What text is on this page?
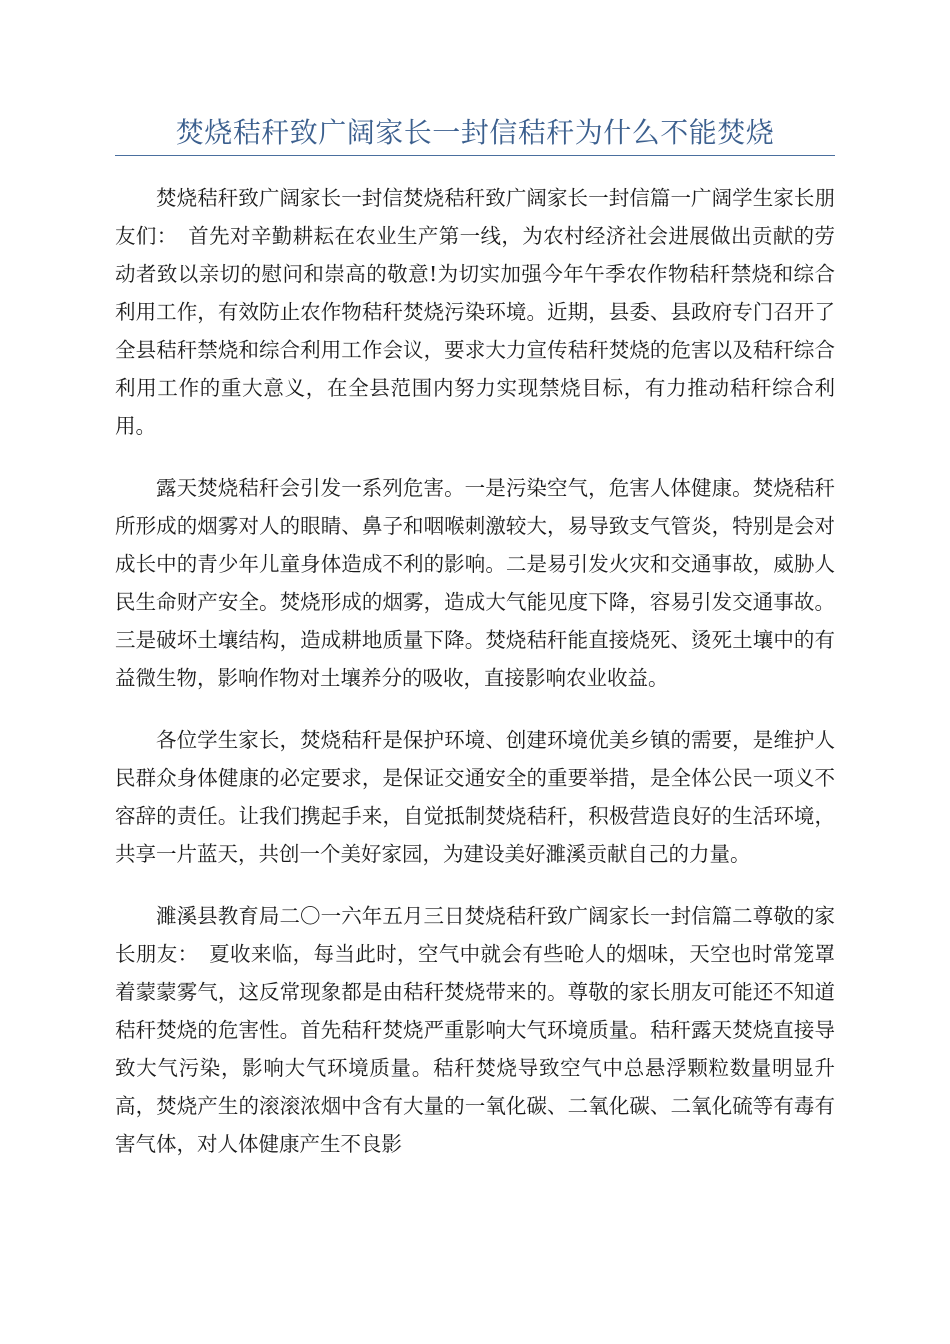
焚烧秸秆致广阔家长一封信秸秆为什么不能焚烧

焚烧秸秆致广阔家长一封信焚烧秸秆致广阔家长一封信篇一广阔学生家长朋友们：　首先对辛勤耕耘在农业生产第一线，为农村经济社会进展做出贡献的劳动者致以亲切的慰问和崇高的敬意!为切实加强今年午季农作物秸秆禁烧和综合利用工作，有效防止农作物秸秆焚烧污染环境。近期，县委、县政府专门召开了全县秸秆禁烧和综合利用工作会议，要求大力宣传秸秆焚烧的危害以及秸秆综合利用工作的重大意义，在全县范围内努力实现禁烧目标，有力推动秸秆综合利用。

露天焚烧秸秆会引发一系列危害。一是污染空气，危害人体健康。焚烧秸秆所形成的烟雾对人的眼睛、鼻子和咽喉刺激较大，易导致支气管炎，特别是会对成长中的青少年儿童身体造成不利的影响。二是易引发火灾和交通事故，威胁人民生命财产安全。焚烧形成的烟雾，造成大气能见度下降，容易引发交通事故。三是破坏土壤结构，造成耕地质量下降。焚烧秸秆能直接烧死、烫死土壤中的有益微生物，影响作物对土壤养分的吸收，直接影响农业收益。

各位学生家长，焚烧秸秆是保护环境、创建环境优美乡镇的需要，是维护人民群众身体健康的必定要求，是保证交通安全的重要举措，是全体公民一项义不容辞的责任。让我们携起手来，自觉抵制焚烧秸秆，积极营造良好的生活环境，共享一片蓝天，共创一个美好家园，为建设美好濉溪贡献自己的力量。

濉溪县教育局二〇一六年五月三日焚烧秸秆致广阔家长一封信篇二尊敬的家长朋友：　夏收来临，每当此时，空气中就会有些呛人的烟味，天空也时常笼罩着蒙蒙雾气，这反常现象都是由秸秆焚烧带来的。尊敬的家长朋友可能还不知道秸秆焚烧的危害性。首先秸秆焚烧严重影响大气环境质量。秸秆露天焚烧直接导致大气污染，影响大气环境质量。秸秆焚烧导致空气中总悬浮颗粒数量明显升高，焚烧产生的滚滚浓烟中含有大量的一氧化碳、二氧化碳、二氧化硫等有毒有害气体，对人体健康产生不良影
